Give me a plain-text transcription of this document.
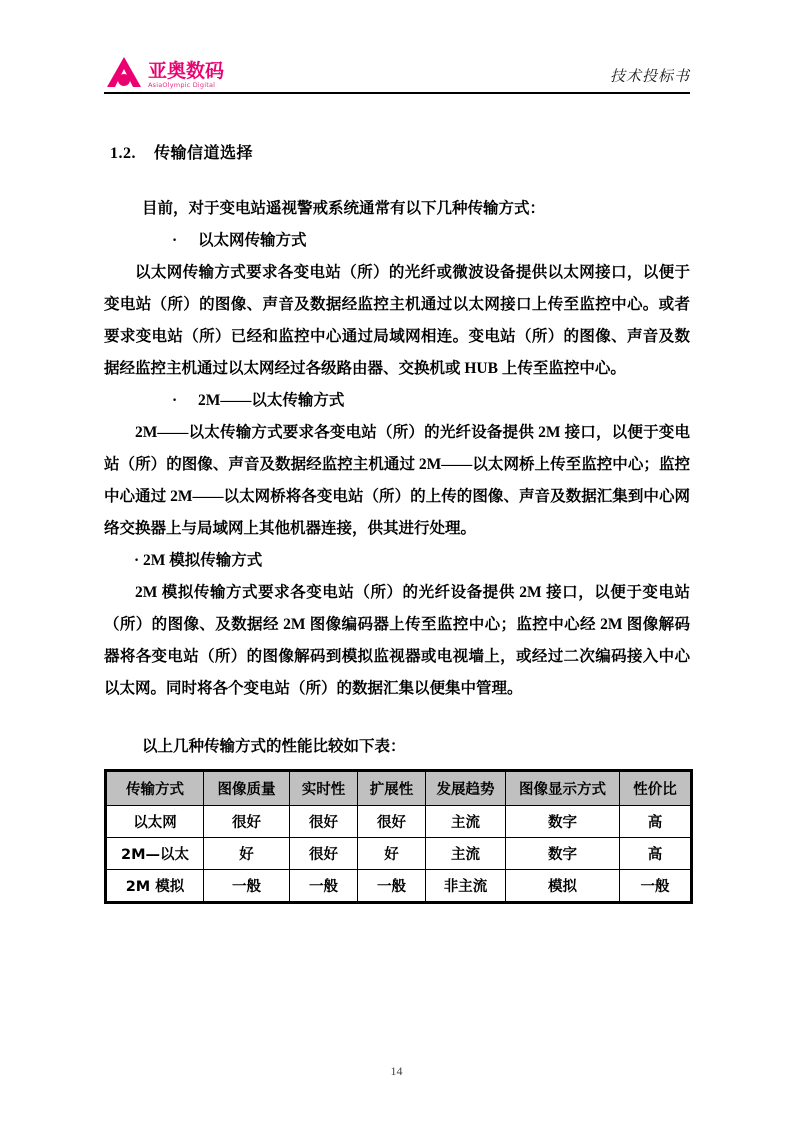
亚奥数码
AsiaOlympic Digital	技术投标书
1.2. 传输信道选择

目前，对于变电站遥视警戒系统通常有以下几种传输方式：

· 以太网传输方式

以太网传输方式要求各变电站（所）的光纤或微波设备提供以太网接口，以便于变电站（所）的图像、声音及数据经监控主机通过以太网接口上传至监控中心。或者要求变电站（所）已经和监控中心通过局域网相连。变电站（所）的图像、声音及数据经监控主机通过以太网经过各级路由器、交换机或 HUB 上传至监控中心。

· 2M——以太传输方式

2M——以太传输方式要求各变电站（所）的光纤设备提供 2M 接口，以便于变电站（所）的图像、声音及数据经监控主机通过 2M——以太网桥上传至监控中心；监控中心通过 2M——以太网桥将各变电站（所）的上传的图像、声音及数据汇集到中心网络交换器上与局域网上其他机器连接，供其进行处理。

· 2M 模拟传输方式

2M 模拟传输方式要求各变电站（所）的光纤设备提供 2M 接口，以便于变电站（所）的图像、及数据经 2M 图像编码器上传至监控中心；监控中心经 2M 图像解码器将各变电站（所）的图像解码到模拟监视器或电视墙上，或经过二次编码接入中心以太网。同时将各个变电站（所）的数据汇集以便集中管理。

以上几种传输方式的性能比较如下表：

传输方式	图像质量	实时性	扩展性	发展趋势	图像显示方式	性价比
以太网	很好	很好	很好	主流	数字	高
2M—以太	好	很好	好	主流	数字	高
2M 模拟	一般	一般	一般	非主流	模拟	一般
14
